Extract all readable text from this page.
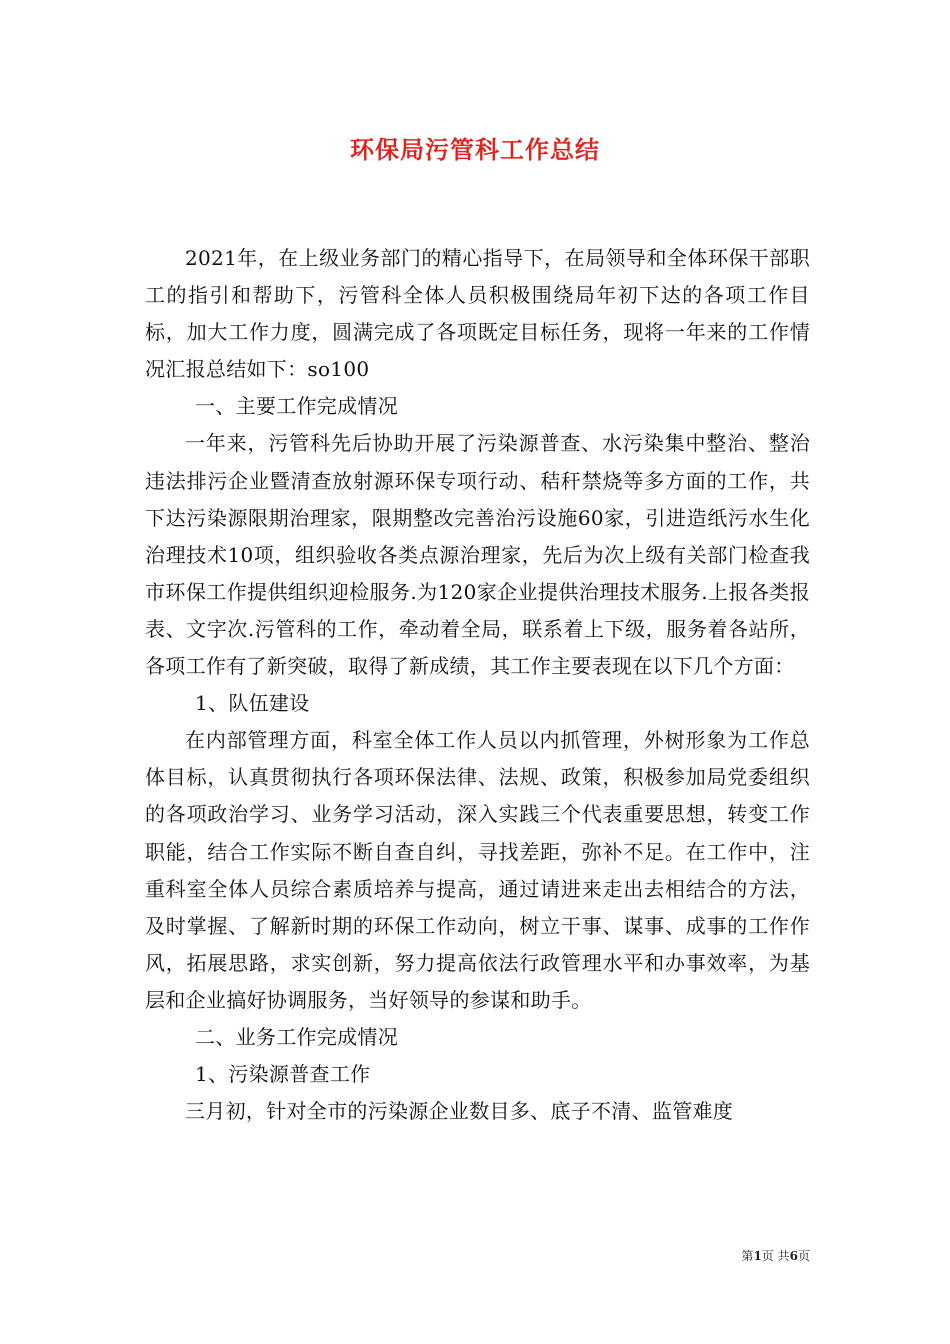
环保局污管科工作总结

2021年，在上级业务部门的精心指导下，在局领导和全体环保干部职工的指引和帮助下，污管科全体人员积极围绕局年初下达的各项工作目标，加大工作力度，圆满完成了各项既定目标任务，现将一年来的工作情况汇报总结如下：so100

一、主要工作完成情况

一年来，污管科先后协助开展了污染源普查、水污染集中整治、整治违法排污企业暨清查放射源环保专项行动、秸秆禁烧等多方面的工作，共下达污染源限期治理家，限期整改完善治污设施60家，引进造纸污水生化治理技术10项，组织验收各类点源治理家，先后为次上级有关部门检查我市环保工作提供组织迎检服务.为120家企业提供治理技术服务.上报各类报表、文字次.污管科的工作，牵动着全局，联系着上下级，服务着各站所，各项工作有了新突破，取得了新成绩，其工作主要表现在以下几个方面：

1、队伍建设

在内部管理方面，科室全体工作人员以内抓管理，外树形象为工作总体目标，认真贯彻执行各项环保法律、法规、政策，积极参加局党委组织的各项政治学习、业务学习活动，深入实践三个代表重要思想，转变工作职能，结合工作实际不断自查自纠，寻找差距，弥补不足。在工作中，注重科室全体人员综合素质培养与提高，通过请进来走出去相结合的方法，及时掌握、了解新时期的环保工作动向，树立干事、谋事、成事的工作作风，拓展思路，求实创新，努力提高依法行政管理水平和办事效率，为基层和企业搞好协调服务，当好领导的参谋和助手。

二、业务工作完成情况

1、污染源普查工作

三月初，针对全市的污染源企业数目多、底子不清、监管难度

第1页 共6页
